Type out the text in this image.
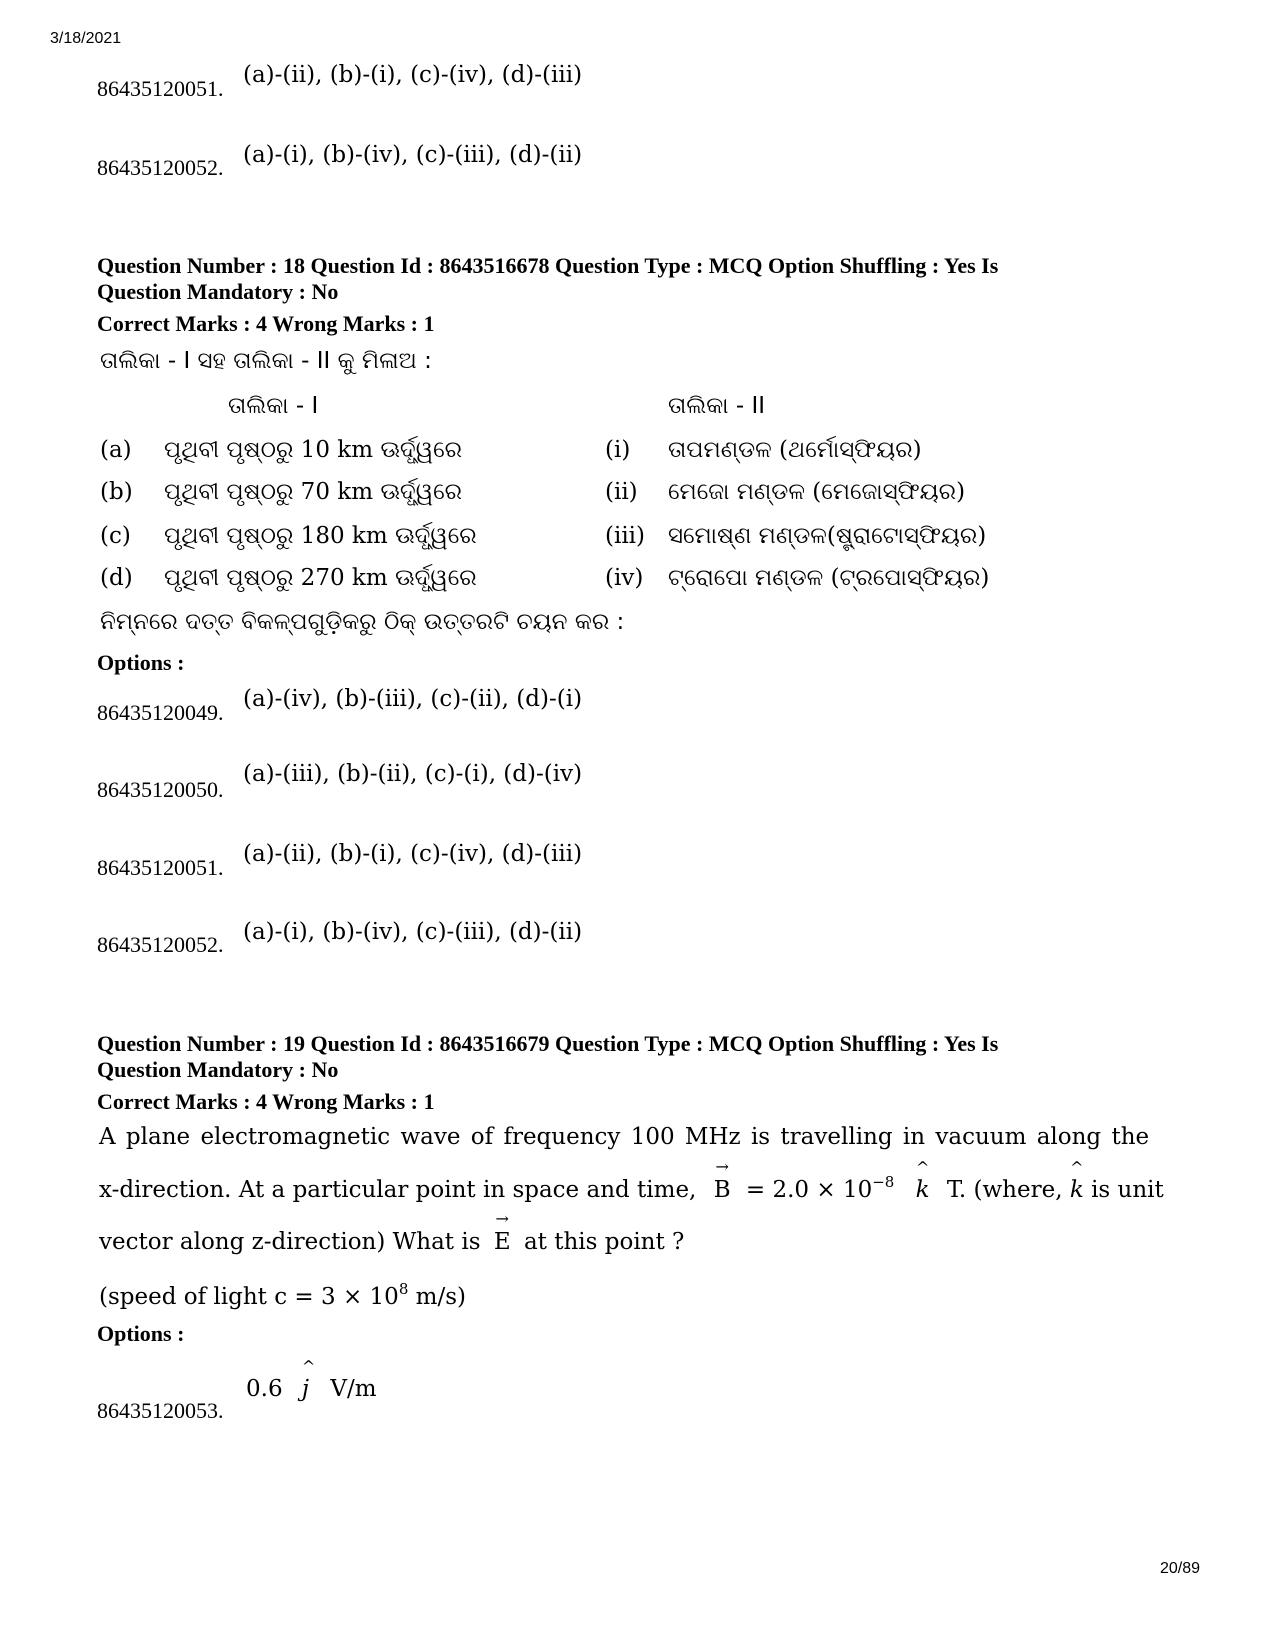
3/18/2021
(a)-(ii), (b)-(i), (c)-(iv), (d)-(iii)
86435120051.
(a)-(i), (b)-(iv), (c)-(iii), (d)-(ii)
86435120052.
Question Number : 18 Question Id : 8643516678 Question Type : MCQ Option Shuffling : Yes Is
Question Mandatory : No
Correct Marks : 4 Wrong Marks : 1
ତାଲିକା - I ସହ ତାଲିକା - II କୁ ମିଳାଅ :
ତାଲିକା - I	ତାଲିକା - II
(a) ପୃଥିବୀ ପୃଷ୍ଠରୁ 10 km ଊର୍ଦ୍ଧ୍ୱରେ	(i) ତାପମଣ୍ଡଳ (ଥର୍ମୋସ୍ଫିୟର)
(b) ପୃଥିବୀ ପୃଷ୍ଠରୁ 70 km ଊର୍ଦ୍ଧ୍ୱରେ	(ii) ମେଜୋ ମଣ୍ଡଳ (ମେଜୋସ୍ଫିୟର)
(c) ପୃଥିବୀ ପୃଷ୍ଠରୁ 180 km ଊର୍ଦ୍ଧ୍ୱରେ	(iii) ସମୋଷ୍ଣ ମଣ୍ଡଳ(ଷ୍ଟ୍ରାଟୋସ୍ଫିୟର)
(d) ପୃଥିବୀ ପୃଷ୍ଠରୁ 270 km ଊର୍ଦ୍ଧ୍ୱରେ	(iv) ଟ୍ରୋପୋ ମଣ୍ଡଳ (ଟ୍ରପୋସ୍ଫିୟର)
ନିମ୍ନରେ ଦତ୍ତ ବିକଳ୍ପଗୁଡ଼ିକରୁ ଠିକ୍ ଉତ୍ତରଟି ଚୟନ କର :
Options :
(a)-(iv), (b)-(iii), (c)-(ii), (d)-(i)
86435120049.
(a)-(iii), (b)-(ii), (c)-(i), (d)-(iv)
86435120050.
(a)-(ii), (b)-(i), (c)-(iv), (d)-(iii)
86435120051.
(a)-(i), (b)-(iv), (c)-(iii), (d)-(ii)
86435120052.
Question Number : 19 Question Id : 8643516679 Question Type : MCQ Option Shuffling : Yes Is
Question Mandatory : No
Correct Marks : 4 Wrong Marks : 1
A plane electromagnetic wave of frequency 100 MHz is travelling in vacuum along the
x-direction. At a particular point in space and time,
→
$B = 2.0 \times 10^{-8}$
^
k T. (where,
^
k is unit
vector along z-direction) What is
→
E at this point ?
(speed of light $c = 3 \times 10^8$ m/s)
Options :
0.6
^
j V/m
86435120053.
20/89
